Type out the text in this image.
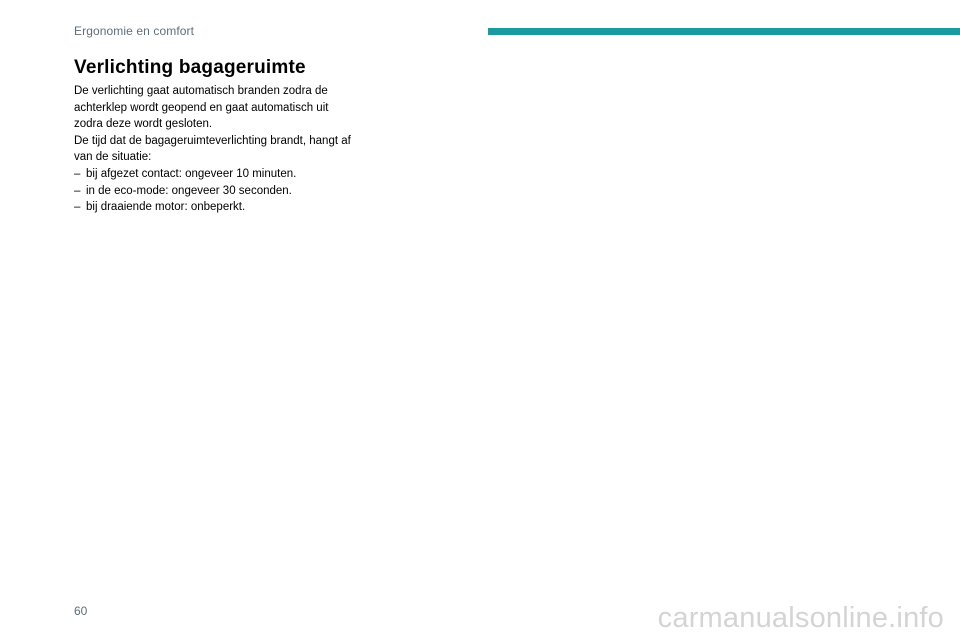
Ergonomie en comfort
Verlichting bagageruimte

De verlichting gaat automatisch branden zodra de achterklep wordt geopend en gaat automatisch uit zodra deze wordt gesloten.

De tijd dat de bagageruimteverlichting brandt, hangt af van de situatie:

– bij afgezet contact: ongeveer 10 minuten.
– in de eco-mode: ongeveer 30 seconden.
– bij draaiende motor: onbeperkt.
60	carmanualsonline.info
